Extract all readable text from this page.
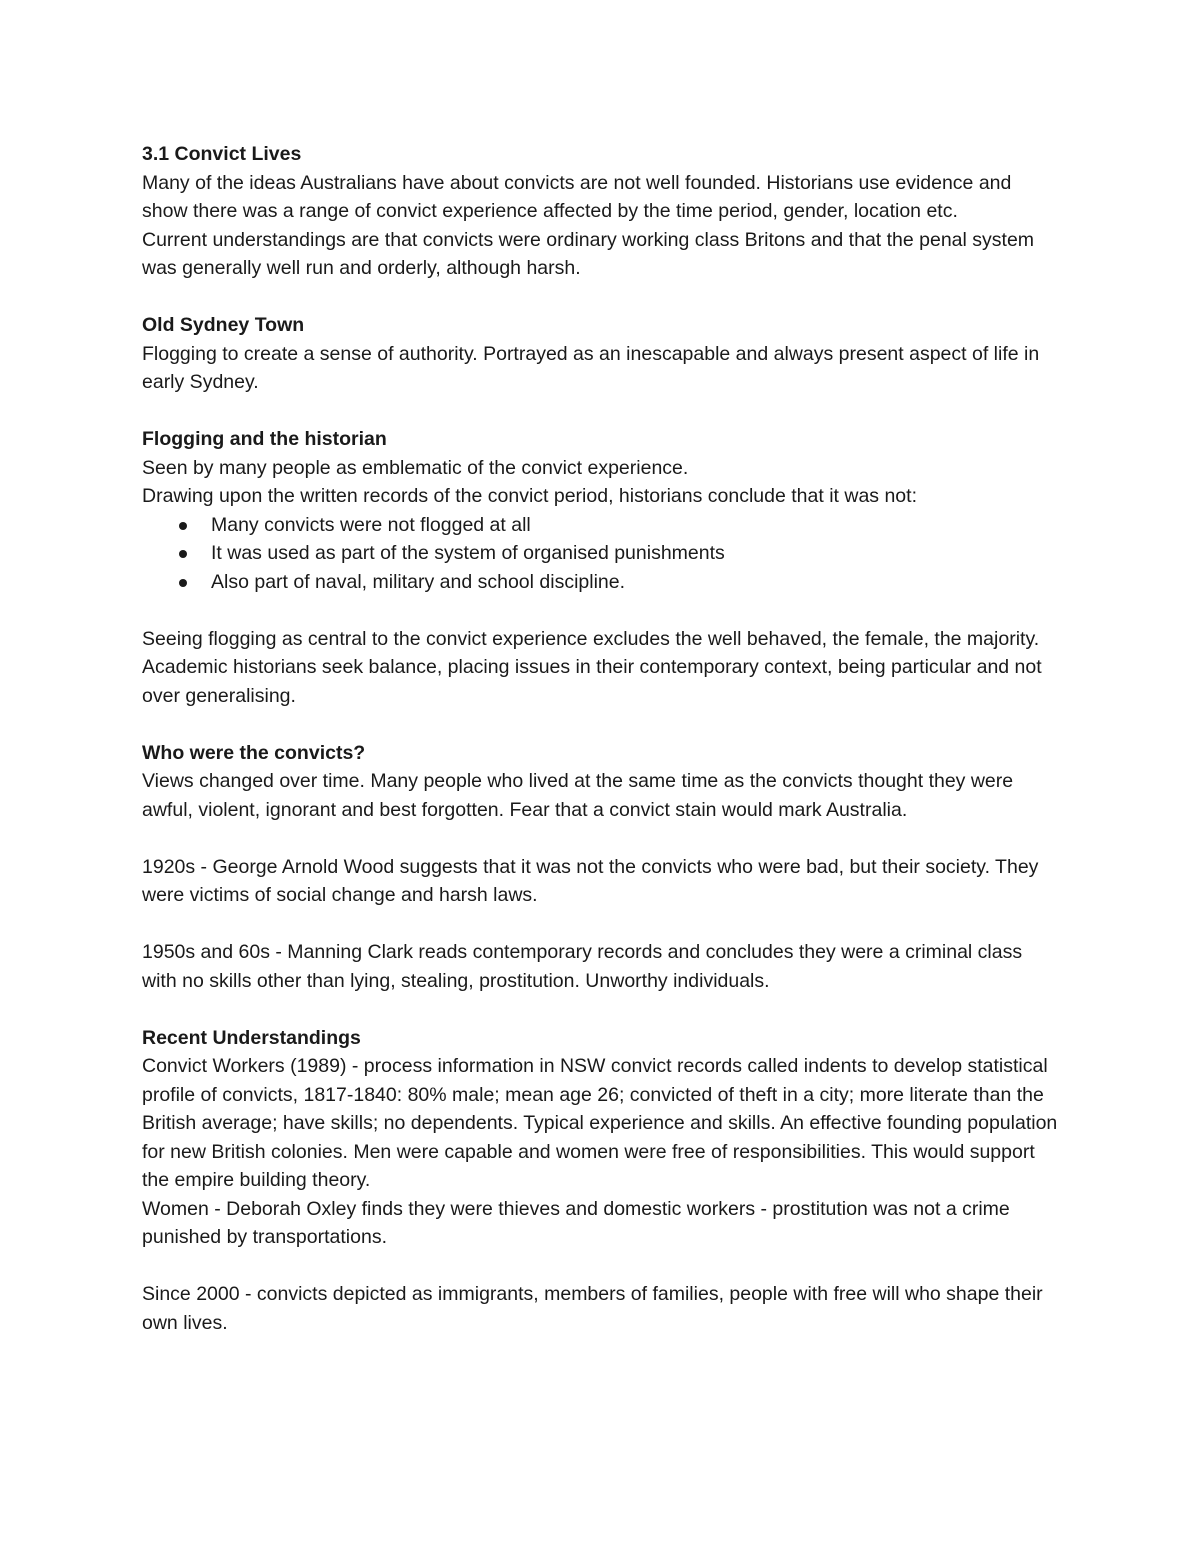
3.1 Convict Lives

Many of the ideas Australians have about convicts are not well founded. Historians use evidence and show there was a range of convict experience affected by the time period, gender, location etc.

Current understandings are that convicts were ordinary working class Britons and that the penal system was generally well run and orderly, although harsh.

Old Sydney Town

Flogging to create a sense of authority. Portrayed as an inescapable and always present aspect of life in early Sydney.

Flogging and the historian

Seen by many people as emblematic of the convict experience.

Drawing upon the written records of the convict period, historians conclude that it was not:

Many convicts were not flogged at all
It was used as part of the system of organised punishments
Also part of naval, military and school discipline.

Seeing flogging as central to the convict experience excludes the well behaved, the female, the majority. Academic historians seek balance, placing issues in their contemporary context, being particular and not over generalising.

Who were the convicts?

Views changed over time. Many people who lived at the same time as the convicts thought they were awful, violent, ignorant and best forgotten. Fear that a convict stain would mark Australia.

1920s - George Arnold Wood suggests that it was not the convicts who were bad, but their society. They were victims of social change and harsh laws.

1950s and 60s - Manning Clark reads contemporary records and concludes they were a criminal class with no skills other than lying, stealing, prostitution. Unworthy individuals.

Recent Understandings

Convict Workers (1989) - process information in NSW convict records called indents to develop statistical profile of convicts, 1817-1840: 80% male; mean age 26; convicted of theft in a city; more literate than the British average; have skills; no dependents. Typical experience and skills. An effective founding population for new British colonies. Men were capable and women were free of responsibilities. This would support the empire building theory.

Women - Deborah Oxley finds they were thieves and domestic workers - prostitution was not a crime punished by transportations.

Since 2000 - convicts depicted as immigrants, members of families, people with free will who shape their own lives.
